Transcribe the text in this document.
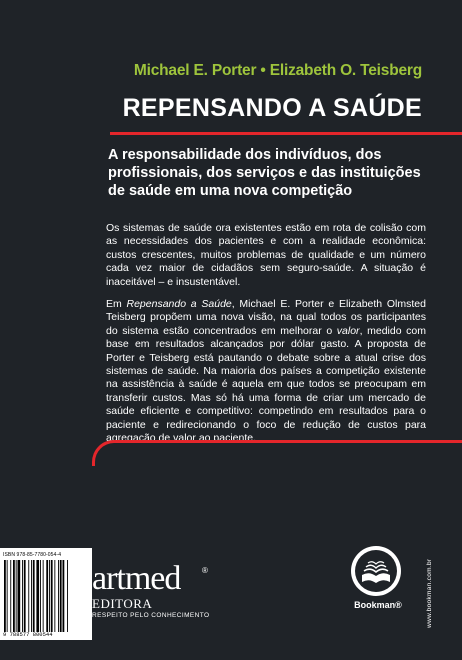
Michael E. Porter • Elizabeth O. Teisberg
REPENSANDO A SAÚDE
A responsabilidade dos indivíduos, dos profissionais, dos serviços e das instituições de saúde em uma nova competição
Os sistemas de saúde ora existentes estão em rota de colisão com as necessidades dos pacientes e com a realidade econômica: custos crescentes, muitos problemas de qualidade e um número cada vez maior de cidadãos sem seguro-saúde. A situação é inaceitável – e insustentável.
Em Repensando a Saúde, Michael E. Porter e Elizabeth Olmsted Teisberg propõem uma nova visão, na qual todos os participantes do sistema estão concentrados em melhorar o valor, medido com base em resultados alcançados por dólar gasto. A proposta de Porter e Teisberg está pautando o debate sobre a atual crise dos sistemas de saúde. Na maioria dos países a competição existente na assistência à saúde é aquela em que todos se preocupam em transferir custos. Mas só há uma forma de criar um mercado de saúde eficiente e competitivo: competindo em resultados para o paciente e redirecionando o foco de redução de custos para agregação de valor ao paciente.
ISBN 978-85-7780-054-4
9 788577 800544
artmed	®
EDITORA
RESPEITO PELO CONHECIMENTO
Bookman®	www.bookman.com.br
